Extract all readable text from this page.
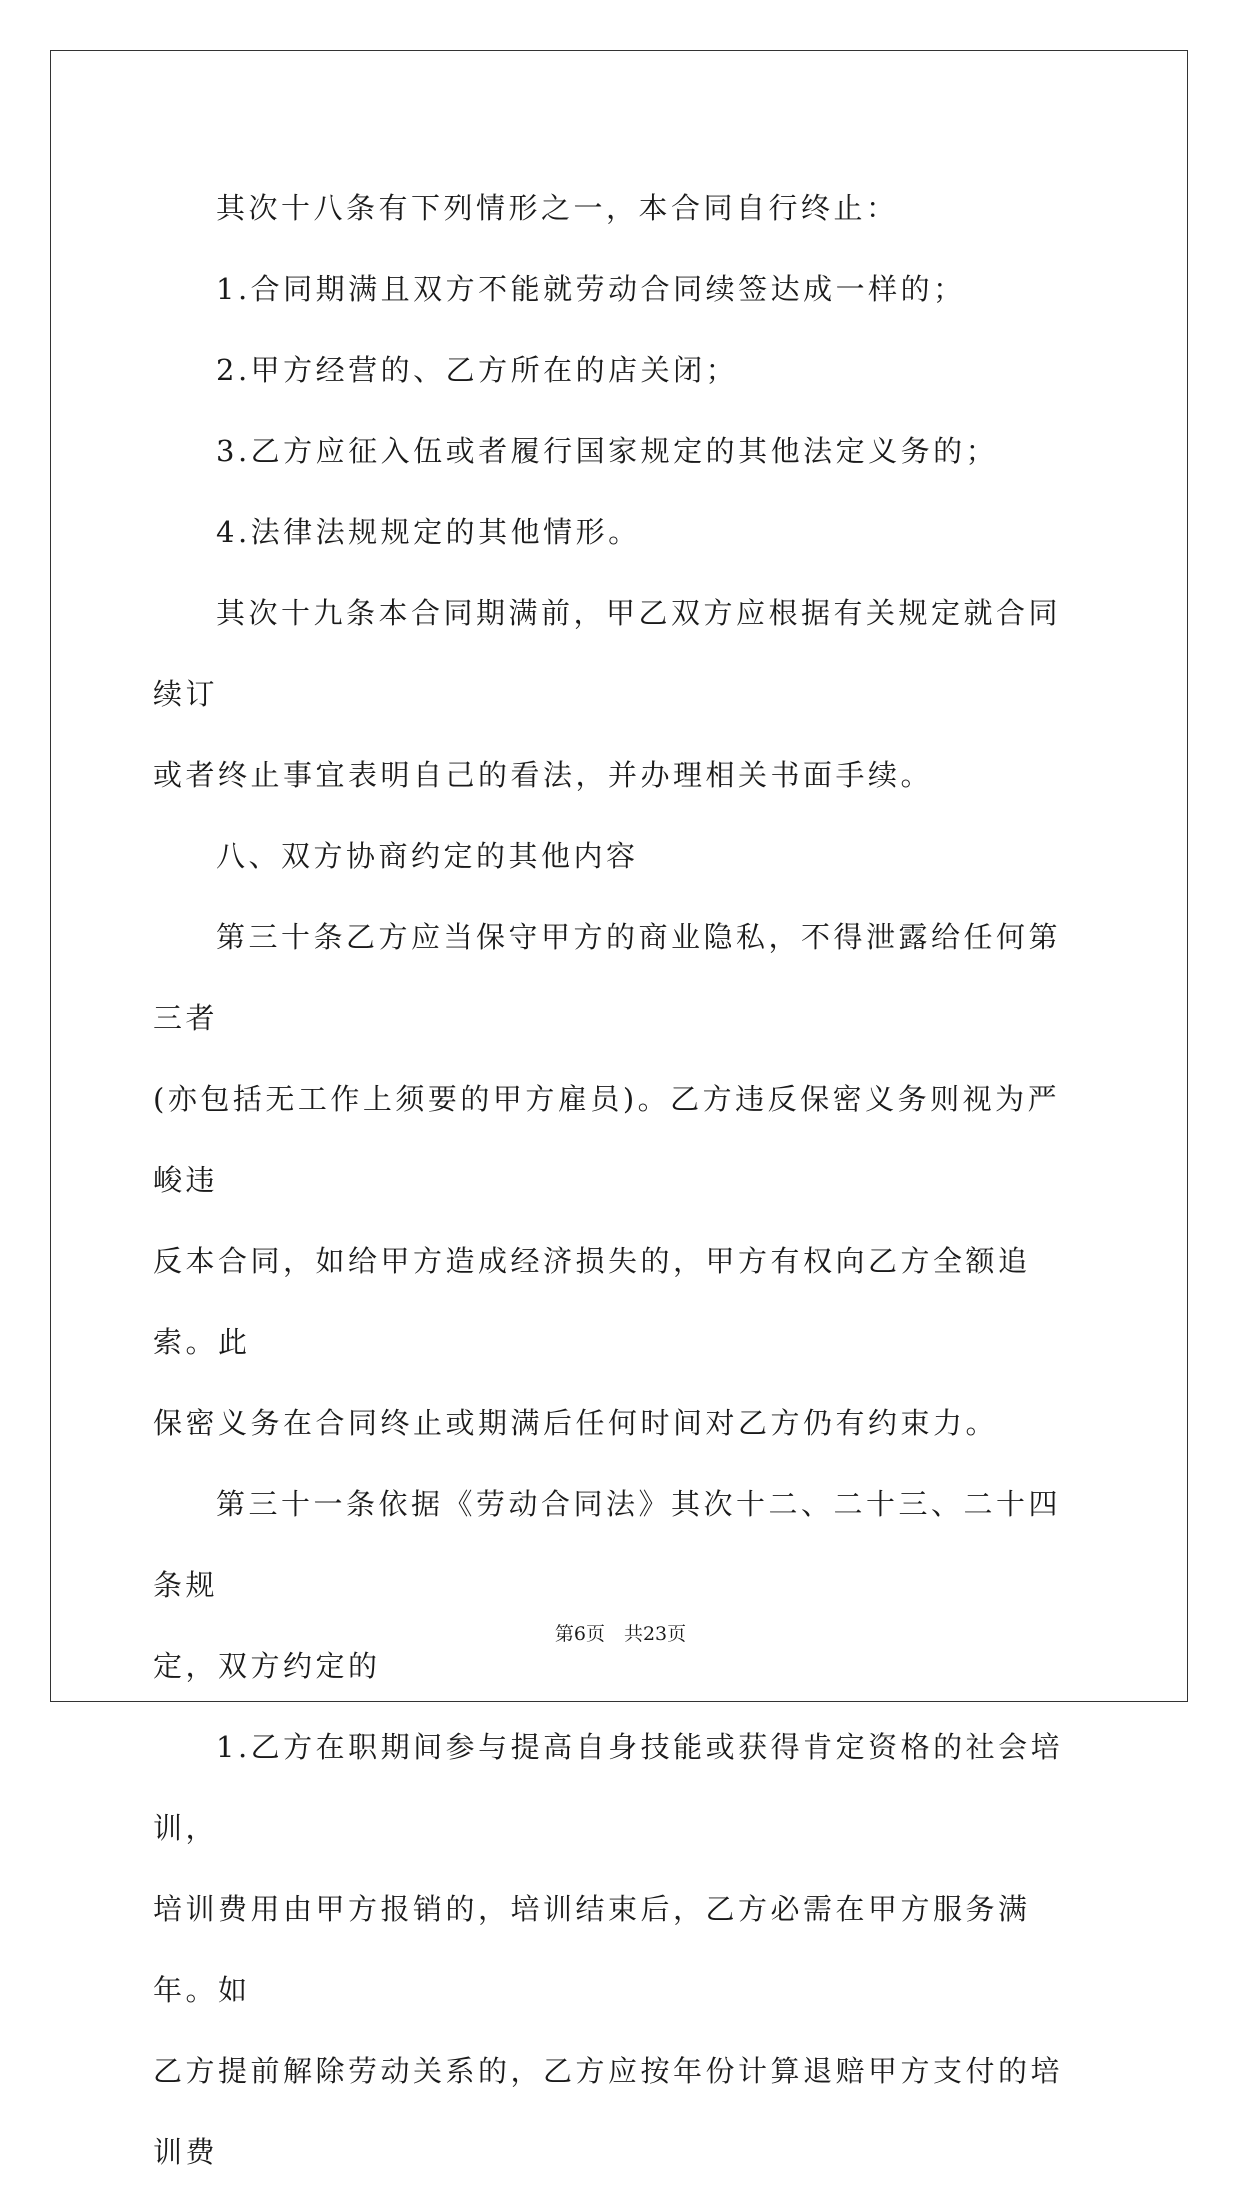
其次十八条有下列情形之一，本合同自行终止：
1.合同期满且双方不能就劳动合同续签达成一样的；
2.甲方经营的、乙方所在的店关闭；
3.乙方应征入伍或者履行国家规定的其他法定义务的；
4.法律法规规定的其他情形。
其次十九条本合同期满前，甲乙双方应根据有关规定就合同续订
或者终止事宜表明自己的看法，并办理相关书面手续。
八、双方协商约定的其他内容
第三十条乙方应当保守甲方的商业隐私，不得泄露给任何第三者
(亦包括无工作上须要的甲方雇员)。乙方违反保密义务则视为严峻违
反本合同，如给甲方造成经济损失的，甲方有权向乙方全额追索。此
保密义务在合同终止或期满后任何时间对乙方仍有约束力。
第三十一条依据《劳动合同法》其次十二、二十三、二十四条规
定，双方约定的
1.乙方在职期间参与提高自身技能或获得肯定资格的社会培训，
培训费用由甲方报销的，培训结束后，乙方必需在甲方服务满年。如
乙方提前解除劳动关系的，乙方应按年份计算退赔甲方支付的培训费
第6页　共23页
